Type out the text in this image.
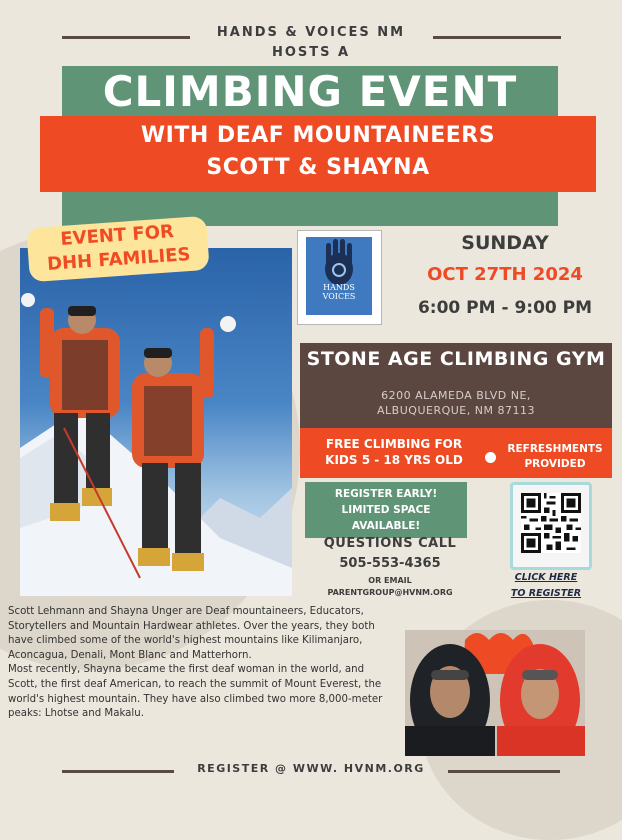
HANDS & VOICES NM
HOSTS A
CLIMBING EVENT
WITH DEAF MOUNTAINEERS
SCOTT & SHAYNA
EVENT FOR
DHH FAMILIES
HANDS
VOICES
SUNDAY
OCT 27TH 2024
6:00 PM - 9:00 PM
STONE AGE CLIMBING GYM
6200 ALAMEDA BLVD NE,
ALBUQUERQUE, NM 87113
FREE CLIMBING FOR
KIDS 5 - 18 YRS OLD
REFRESHMENTS
PROVIDED
REGISTER EARLY!
LIMITED SPACE
AVAILABLE!
QUESTIONS CALL
505-553-4365
OR EMAIL
PARENTGROUP@HVNM.ORG
CLICK HERE
TO REGISTER

Scott Lehmann and Shayna Unger are Deaf mountaineers, Educators, Storytellers and Mountain Hardwear athletes. Over the years, they both have climbed some of the world's highest mountains like Kilimanjaro, Aconcagua, Denali, Mont Blanc and Matterhorn.

Most recently, Shayna became the first deaf woman in the world, and Scott, the first deaf American, to reach the summit of Mount Everest, the world's highest mountain. They have also climbed two more 8,000-meter peaks: Lhotse and Makalu.

REGISTER @ WWW. HVNM.ORG
